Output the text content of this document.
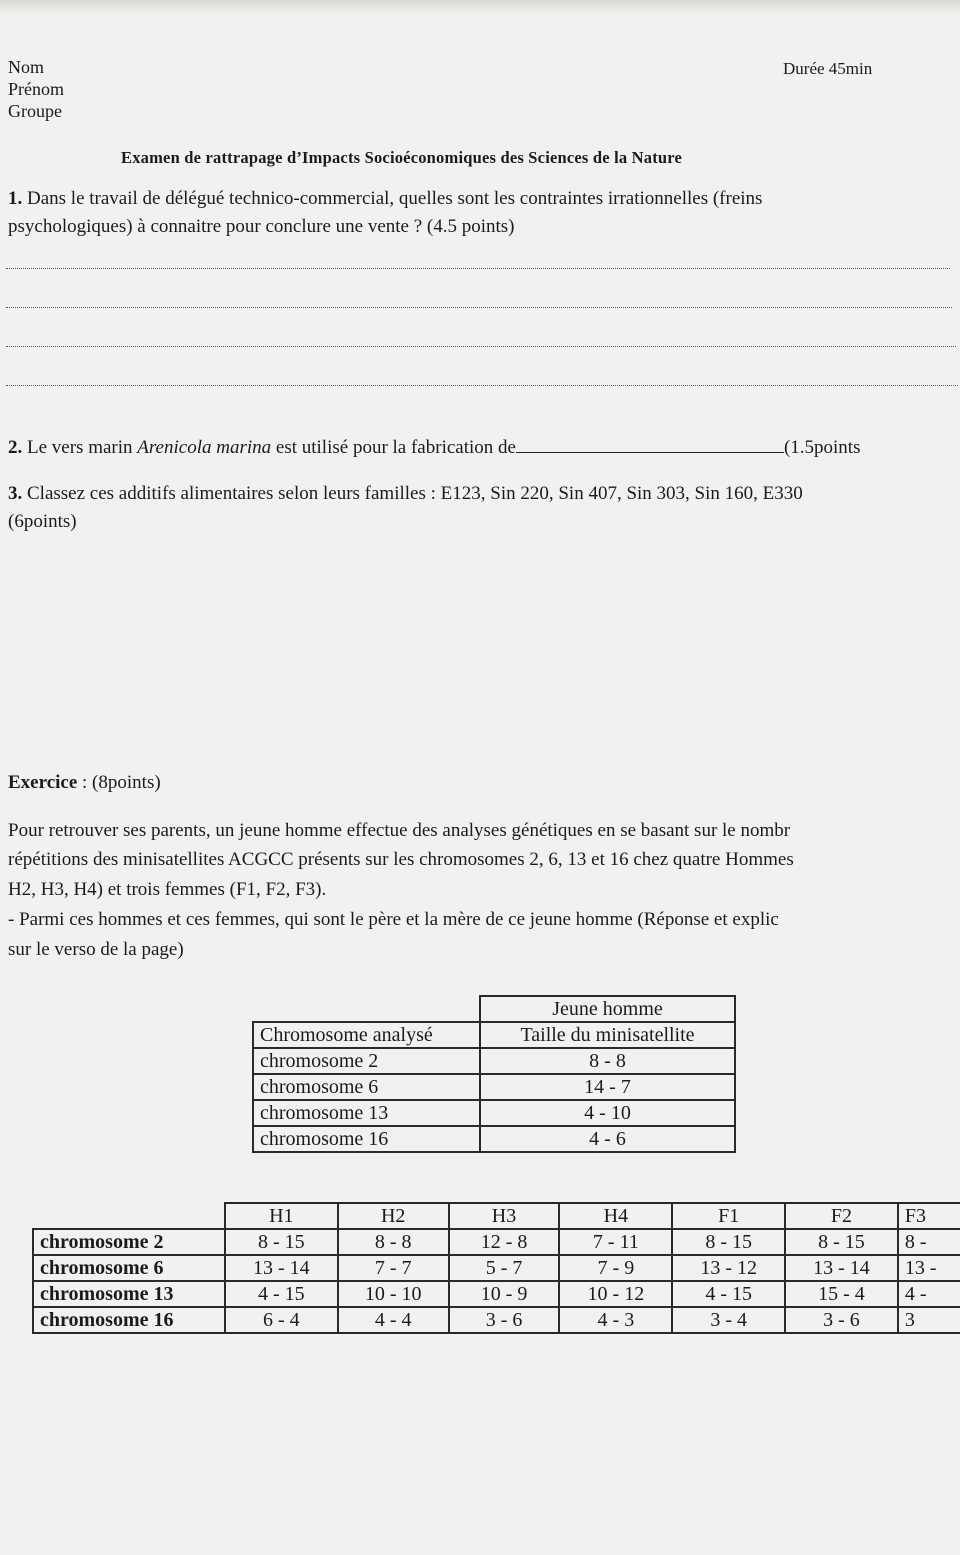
Nom
Prénom
Groupe
Durée 45min
Examen de rattrapage d’Impacts Socioéconomiques des Sciences de la Nature
1. Dans le travail de délégué technico-commercial, quelles sont les contraintes irrationnelles (freins
psychologiques) à connaitre pour conclure une vente ? (4.5 points)
2. Le vers marin Arenicola marina est utilisé pour la fabrication de	(1.5points
3. Classez ces additifs alimentaires selon leurs familles : E123, Sin 220, Sin 407, Sin 303, Sin 160, E330
(6points)
Exercice : (8points)
Pour retrouver ses parents, un jeune homme effectue des analyses génétiques en se basant sur le nombr
répétitions des minisatellites ACGCC présents sur les chromosomes 2, 6, 13 et 16 chez quatre Hommes
H2, H3, H4) et trois femmes (F1, F2, F3).
- Parmi ces hommes et ces femmes, qui sont le père et la mère de ce jeune homme (Réponse et explic
sur le verso de la page)
	Jeune homme
Chromosome analysé	Taille du minisatellite
chromosome 2	8 - 8
chromosome 6	14 - 7
chromosome 13	4 - 10
chromosome 16	4 - 6
	H1	H2	H3	H4	F1	F2	F3
chromosome 2	8 - 15	8 - 8	12 - 8	7 - 11	8 - 15	8 - 15	8 -
chromosome 6	13 - 14	7 - 7	5 - 7	7 - 9	13 - 12	13 - 14	13 -
chromosome 13	4 - 15	10 - 10	10 - 9	10 - 12	4 - 15	15 - 4	4 -
chromosome 16	6 - 4	4 - 4	3 - 6	4 - 3	3 - 4	3 - 6	3
